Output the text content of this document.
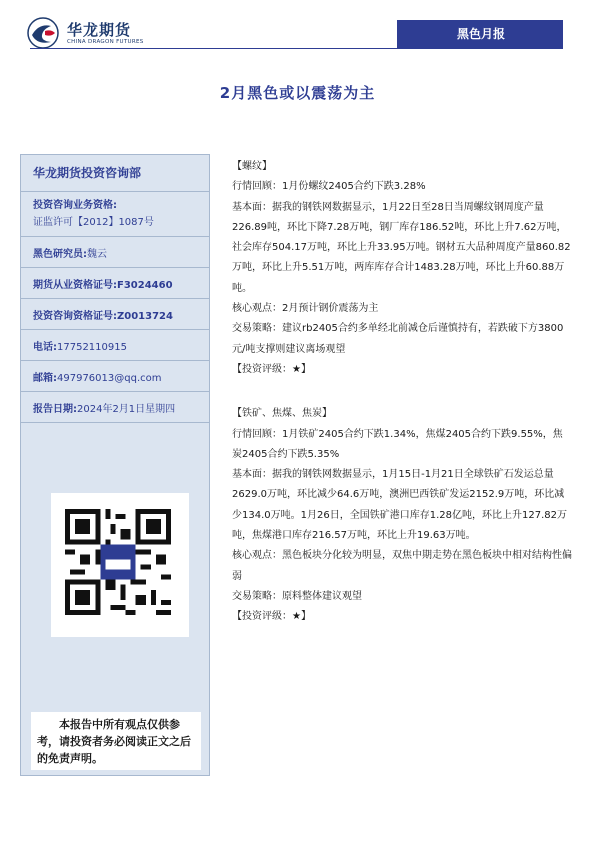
华龙期货
CHINA DRAGON FUTURES
黑色月报
2月黑色或以震荡为主
华龙期货投资咨询部
投资咨询业务资格:
证监许可【2012】1087号
黑色研究员:魏云
期货从业资格证号:F3024460
投资咨询资格证号:Z0013724
电话:17752110915
邮箱:497976013@qq.com
报告日期:2024年2月1日星期四
本报告中所有观点仅供参考，请投资者务必阅读正文之后的免责声明。

【螺纹】

行情回顾：1月份螺纹2405合约下跌3.28%

基本面：据我的钢铁网数据显示，1月22日至28日当周螺纹钢周度产量226.89吨，环比下降7.28万吨，钢厂库存186.52吨，环比上升7.62万吨，社会库存504.17万吨，环比上升33.95万吨。钢材五大品种周度产量860.82万吨，环比上升5.51万吨，两库库存合计1483.28万吨，环比上升60.88万吨。

核心观点：2月预计钢价震荡为主

交易策略：建议rb2405合约多单经北前减仓后谨慎持有，若跌破下方3800元/吨支撑则建议离场观望

【投资评级：★】

【铁矿、焦煤、焦炭】

行情回顾：1月铁矿2405合约下跌1.34%，焦煤2405合约下跌9.55%，焦炭2405合约下跌5.35%

基本面：据我的钢铁网数据显示，1月15日-1月21日全球铁矿石发运总量2629.0万吨，环比减少64.6万吨，澳洲巴西铁矿发运2152.9万吨，环比减少134.0万吨。1月26日，全国铁矿港口库存1.28亿吨，环比上升127.82万吨，焦煤港口库存216.57万吨，环比上升19.63万吨。

核心观点：黑色板块分化较为明显，双焦中期走势在黑色板块中相对结构性偏弱

交易策略：原料整体建议观望

【投资评级：★】
